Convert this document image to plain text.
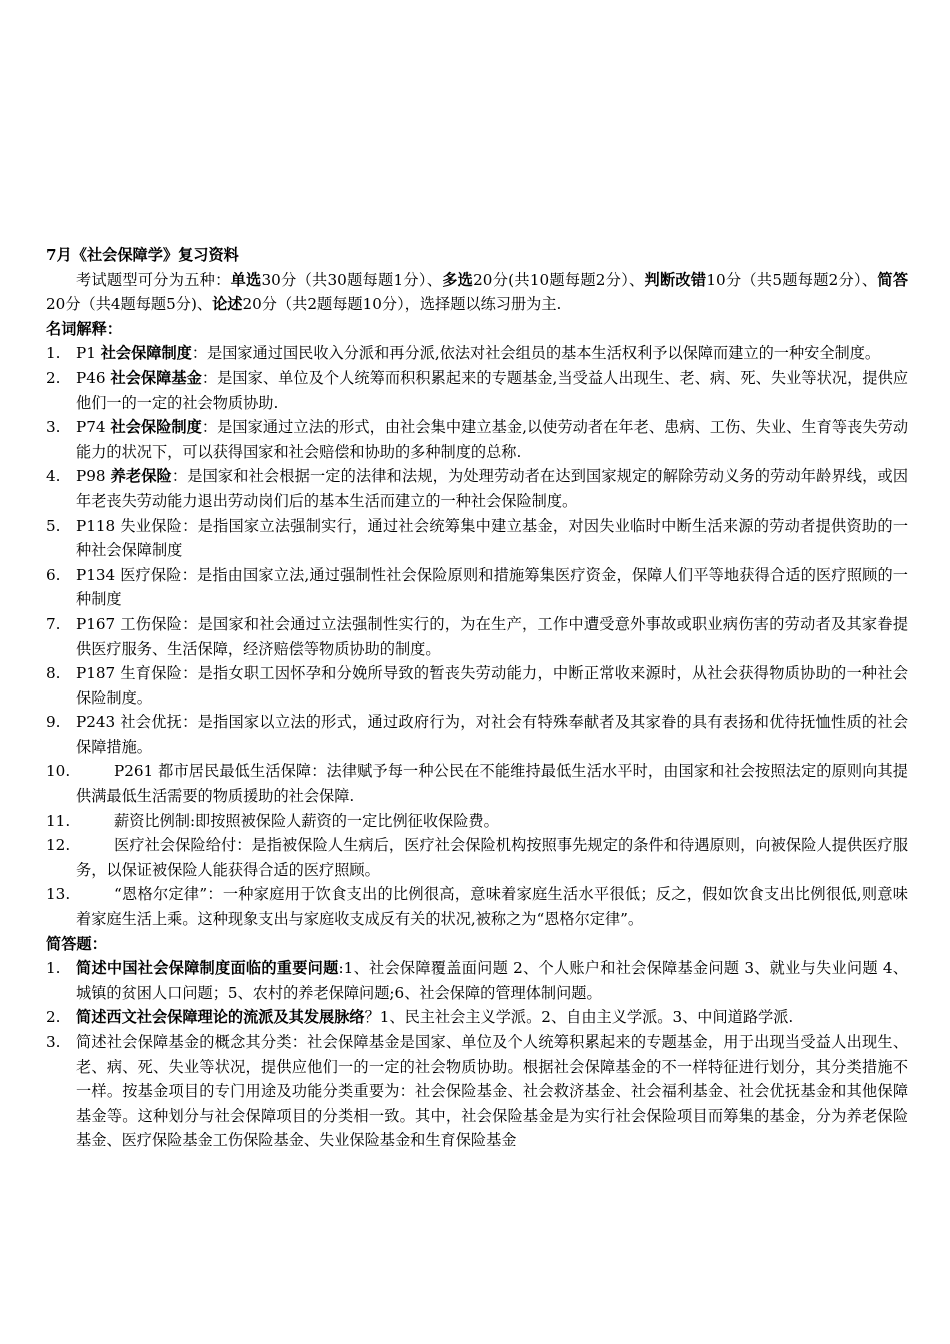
7月《社会保障学》复习资料
考试题型可分为五种：单选30分（共30题每题1分）、多选20分(共10题每题2分）、判断改错10分（共5题每题2分）、简答20分（共4题每题5分)、论述20分（共2题每题10分），选择题以练习册为主.
名词解释：
1. P1 社会保障制度：是国家通过国民收入分派和再分派,依法对社会组员的基本生活权利予以保障而建立的一种安全制度。
2. P46 社会保障基金：是国家、单位及个人统筹而积积累起来的专题基金,当受益人出现生、老、病、死、失业等状况，提供应他们一的一定的社会物质协助.
3. P74 社会保险制度：是国家通过立法的形式，由社会集中建立基金,以使劳动者在年老、患病、工伤、失业、生育等丧失劳动能力的状况下，可以获得国家和社会赔偿和协助的多种制度的总称.
4. P98 养老保险：是国家和社会根据一定的法律和法规，为处理劳动者在达到国家规定的解除劳动义务的劳动年龄界线，或因年老丧失劳动能力退出劳动岗们后的基本生活而建立的一种社会保险制度。
5. P118 失业保险：是指国家立法强制实行，通过社会统筹集中建立基金，对因失业临时中断生活来源的劳动者提供资助的一种社会保障制度
6. P134 医疗保险：是指由国家立法,通过强制性社会保险原则和措施筹集医疗资金，保障人们平等地获得合适的医疗照顾的一种制度
7. P167 工伤保险：是国家和社会通过立法强制性实行的，为在生产，工作中遭受意外事故或职业病伤害的劳动者及其家眷提供医疗服务、生活保障，经济赔偿等物质协助的制度。
8. P187 生育保险：是指女职工因怀孕和分娩所导致的暂丧失劳动能力，中断正常收来源时，从社会获得物质协助的一种社会保险制度。
9. P243 社会优抚：是指国家以立法的形式，通过政府行为，对社会有特殊奉献者及其家眷的具有表扬和优待抚恤性质的社会保障措施。
10.	P261 都市居民最低生活保障：法律赋予每一种公民在不能维持最低生活水平时，由国家和社会按照法定的原则向其提供满最低生活需要的物质援助的社会保障.
11.	薪资比例制:即按照被保险人薪资的一定比例征收保险费。
12.	医疗社会保险给付：是指被保险人生病后，医疗社会保险机构按照事先规定的条件和待遇原则，向被保险人提供医疗服务，以保证被保险人能获得合适的医疗照顾。
13.	“恩格尔定律”：一种家庭用于饮食支出的比例很高，意味着家庭生活水平很低；反之，假如饮食支出比例很低,则意味着家庭生活上乘。这种现象支出与家庭收支成反有关的状况,被称之为“恩格尔定律”。
简答题：
1. 简述中国社会保障制度面临的重要问题:1、社会保障覆盖面问题 2、个人账户和社会保障基金问题 3、就业与失业问题 4、城镇的贫困人口问题；5、农村的养老保障问题;6、社会保障的管理体制问题。
2. 简述西文社会保障理论的流派及其发展脉络？1、民主社会主义学派。2、自由主义学派。3、中间道路学派.
3. 简述社会保障基金的概念其分类：社会保障基金是国家、单位及个人统筹积累起来的专题基金，用于出现当受益人出现生、老、病、死、失业等状况，提供应他们一的一定的社会物质协助。根据社会保障基金的不一样特征进行划分，其分类措施不一样。按基金项目的专门用途及功能分类重要为：社会保险基金、社会救济基金、社会福利基金、社会优抚基金和其他保障基金等。这种划分与社会保障项目的分类相一致。其中，社会保险基金是为实行社会保险项目而筹集的基金，分为养老保险基金、医疗保险基金工伤保险基金、失业保险基金和生育保险基金
